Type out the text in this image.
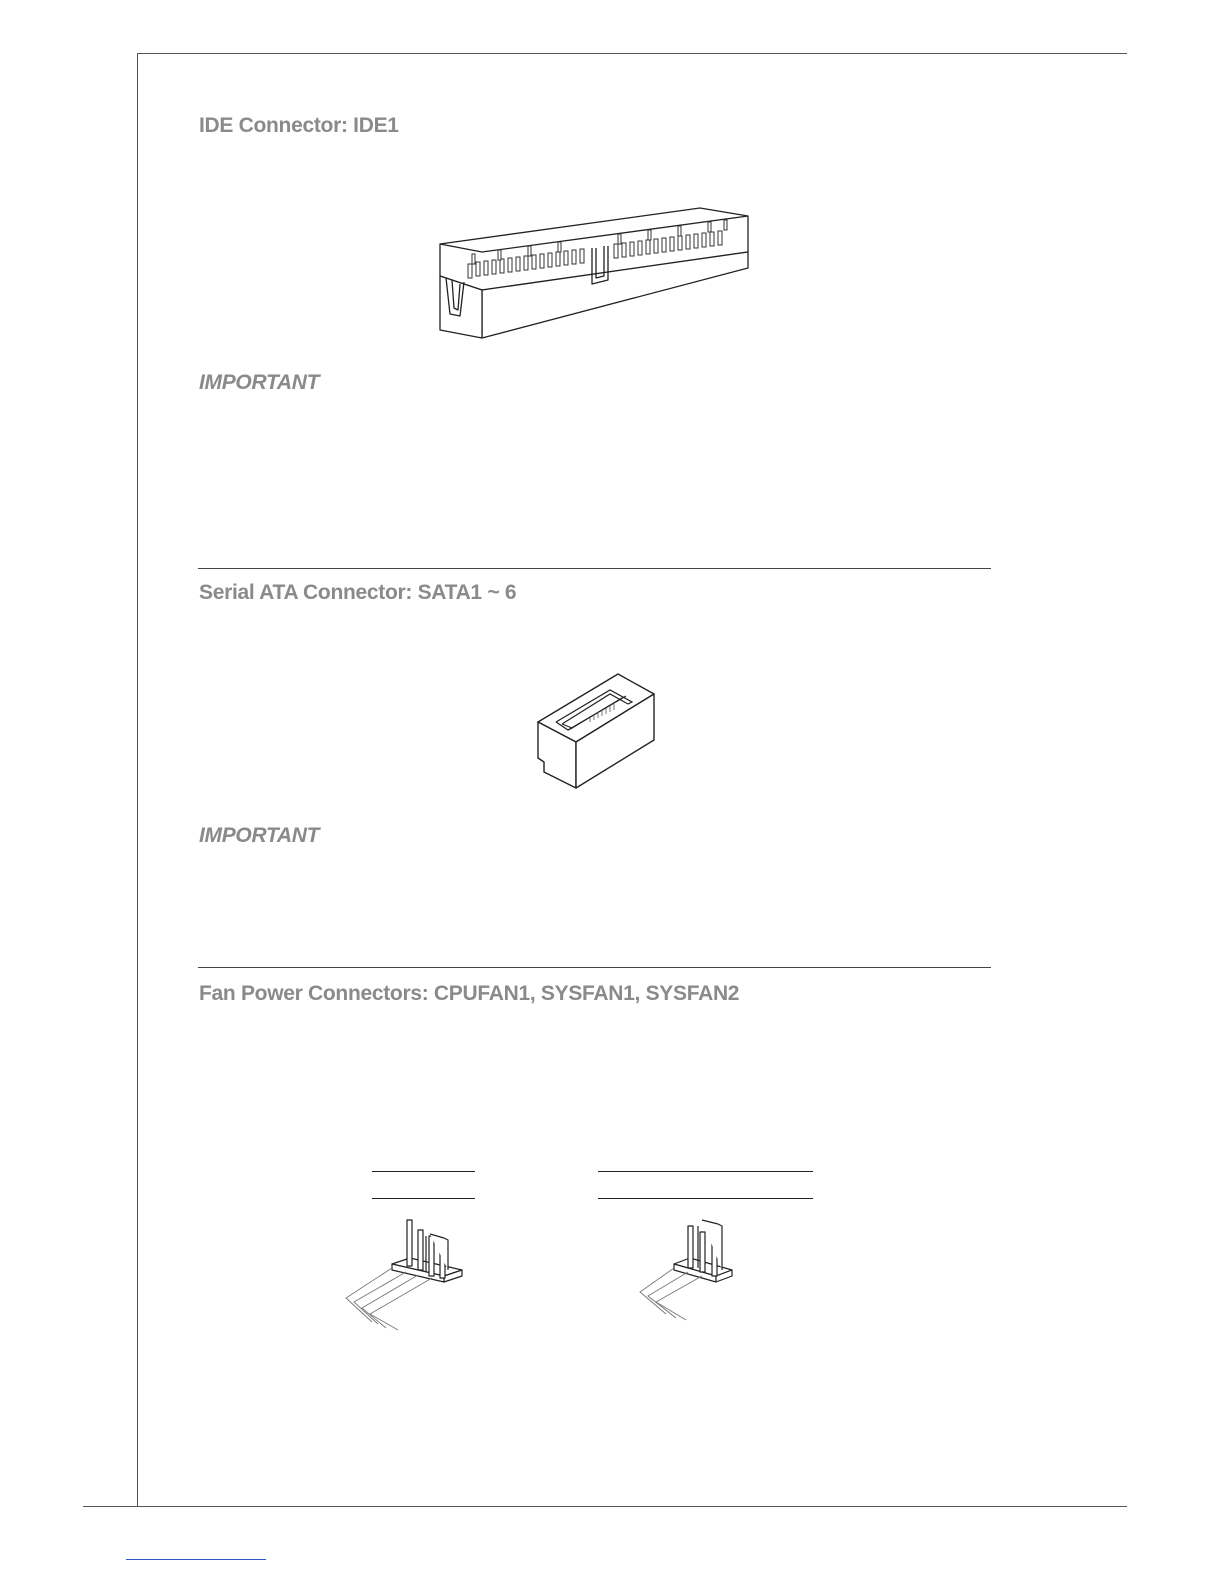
IDE Connector: IDE1
IMPORTANT
Serial ATA Connector: SATA1 ~ 6
IMPORTANT
Fan Power Connectors: CPUFAN1, SYSFAN1, SYSFAN2
